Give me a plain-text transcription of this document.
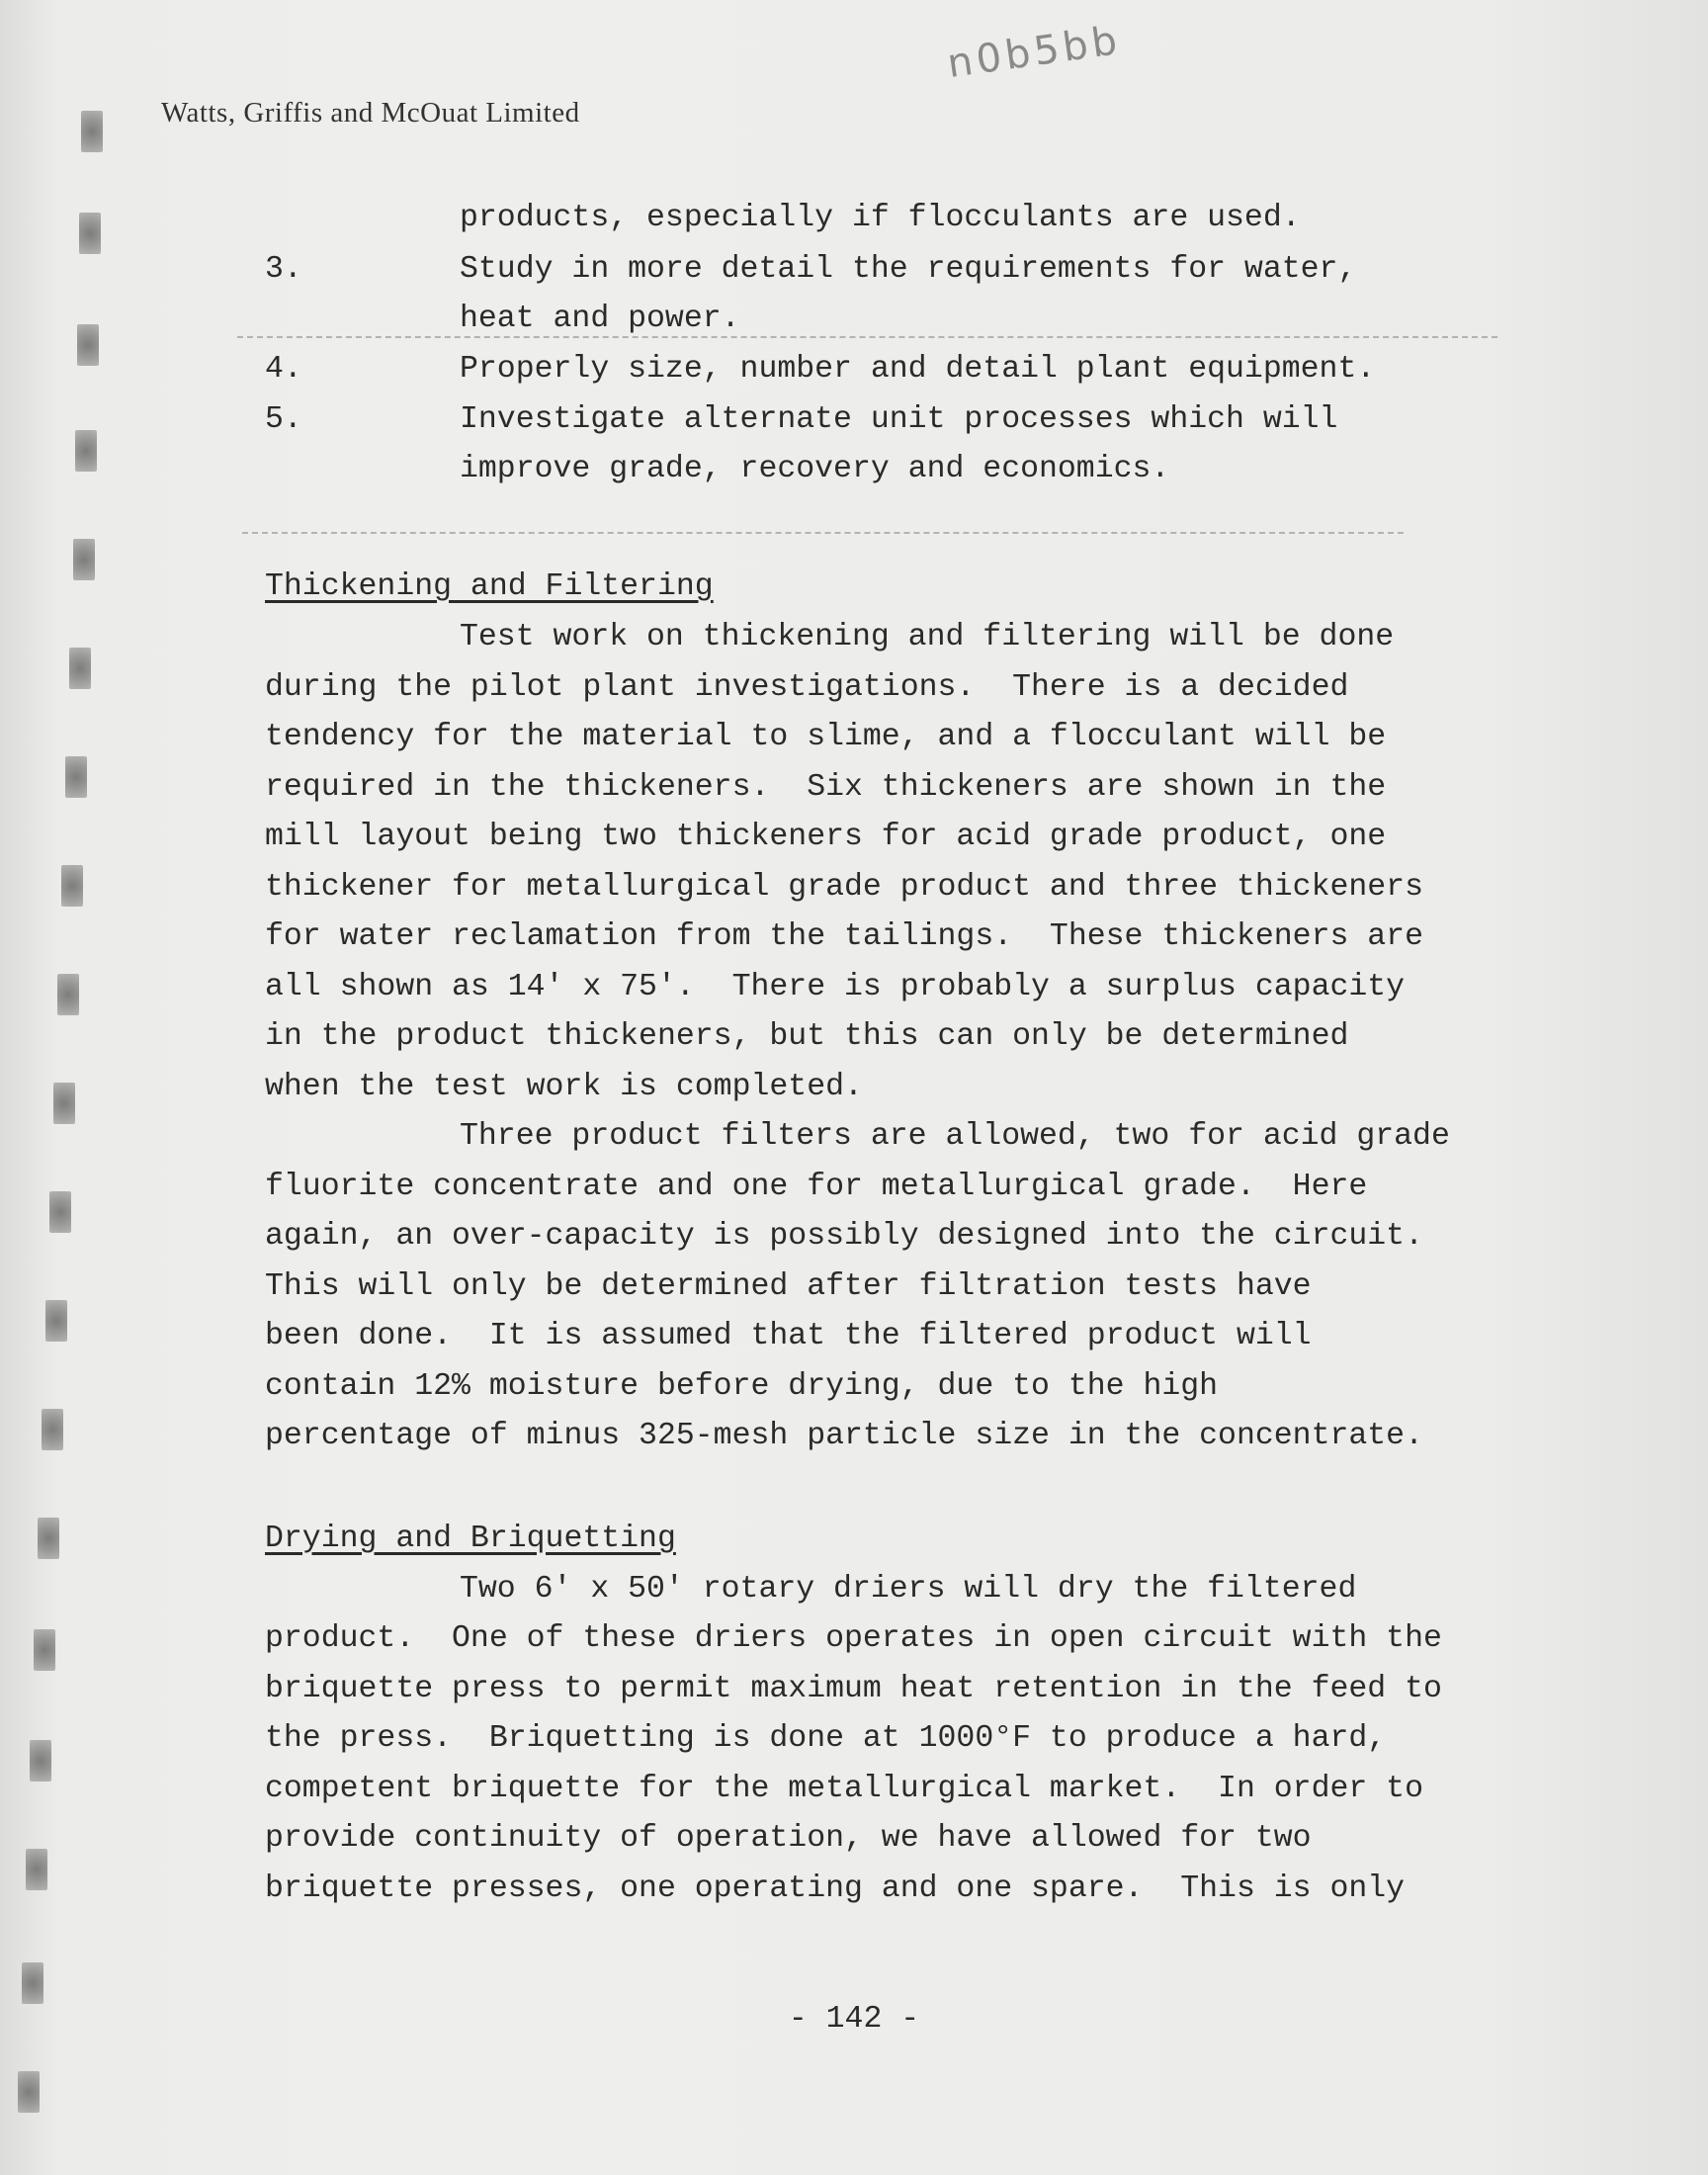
n0b5bb
Watts, Griffis and McOuat Limited
products, especially if flocculants are used.
3.	Study in more detail the requirements for water,
heat and power.
4.	Properly size, number and detail plant equipment.
5.	Investigate alternate unit processes which will
improve grade, recovery and economics.
Thickening and Filtering
Test work on thickening and filtering will be done
during the pilot plant investigations.  There is a decided
tendency for the material to slime, and a flocculant will be
required in the thickeners.  Six thickeners are shown in the
mill layout being two thickeners for acid grade product, one
thickener for metallurgical grade product and three thickeners
for water reclamation from the tailings.  These thickeners are
all shown as 14' x 75'.  There is probably a surplus capacity
in the product thickeners, but this can only be determined
when the test work is completed.
Three product filters are allowed, two for acid grade
fluorite concentrate and one for metallurgical grade.  Here
again, an over-capacity is possibly designed into the circuit.
This will only be determined after filtration tests have
been done.  It is assumed that the filtered product will
contain 12% moisture before drying, due to the high
percentage of minus 325-mesh particle size in the concentrate.
Drying and Briquetting
Two 6' x 50' rotary driers will dry the filtered
product.  One of these driers operates in open circuit with the
briquette press to permit maximum heat retention in the feed to
the press.  Briquetting is done at 1000°F to produce a hard,
competent briquette for the metallurgical market.  In order to
provide continuity of operation, we have allowed for two
briquette presses, one operating and one spare.  This is only
- 142 -
